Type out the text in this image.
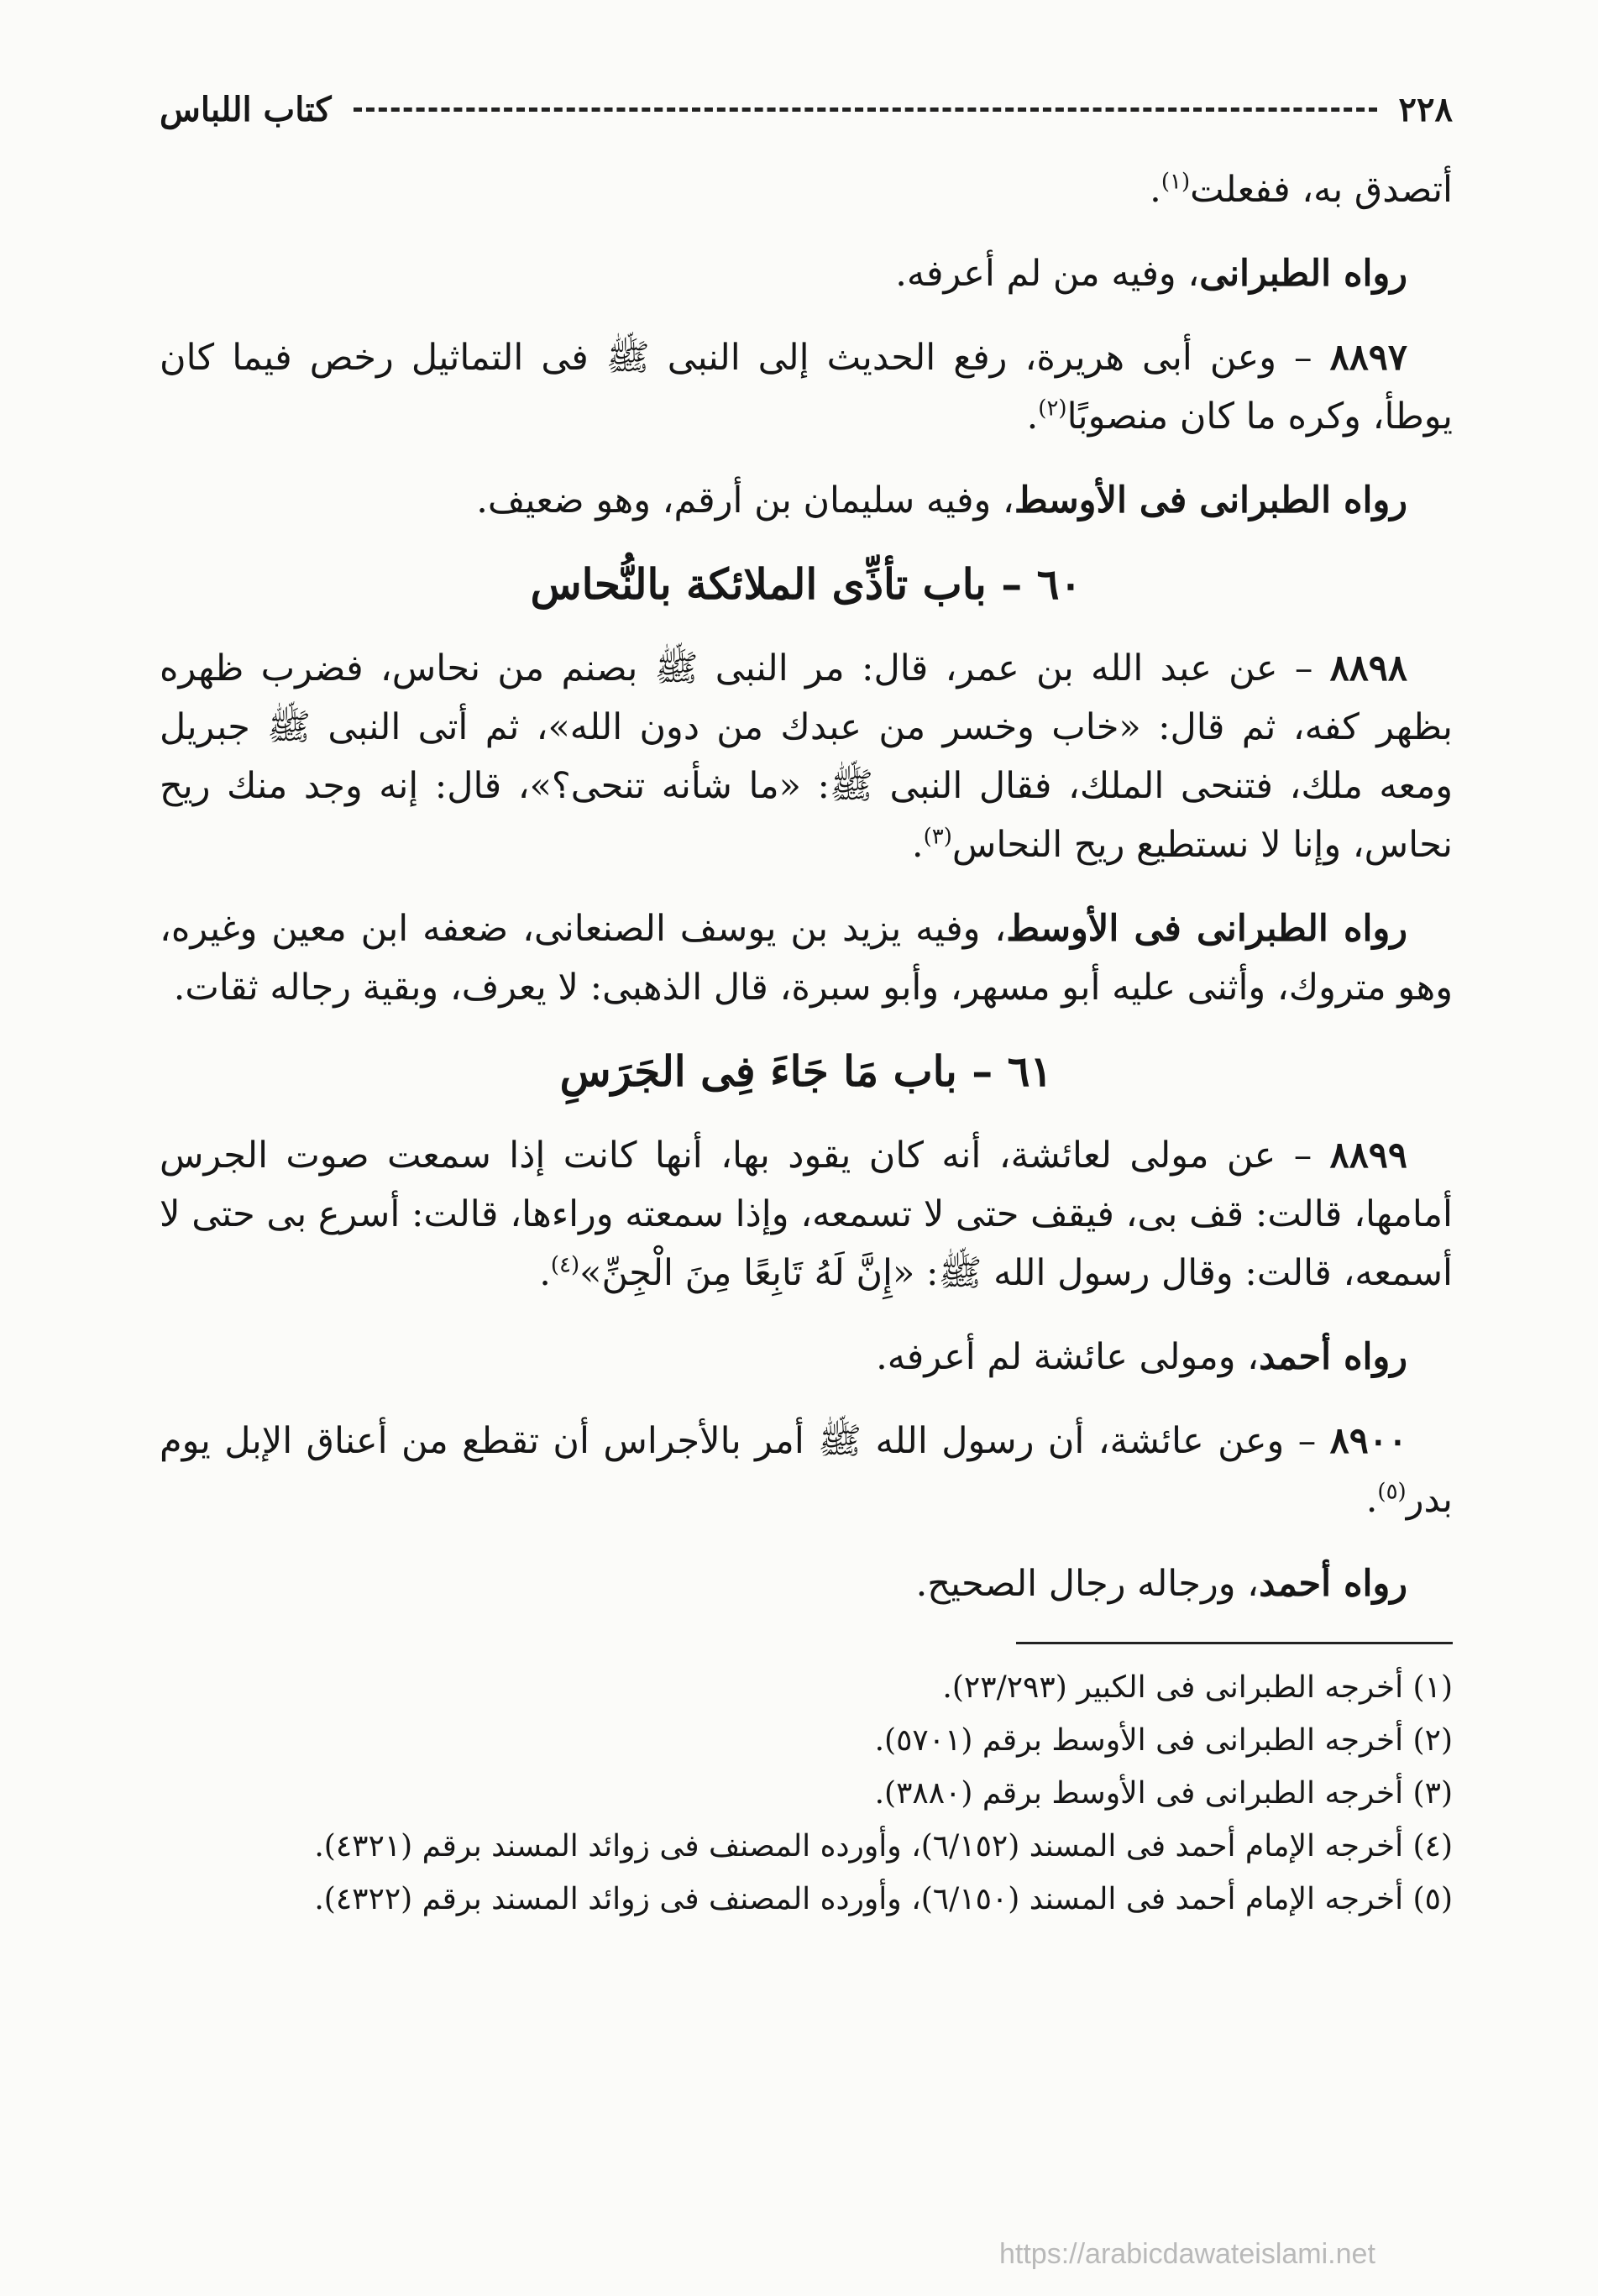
٢٢٨
كتاب اللباس

أتصدق به، ففعلت$^{(١)}$.

رواه الطبرانى، وفيه من لم أعرفه.

٨٨٩٧ – وعن أبى هريرة، رفع الحديث إلى النبى ﷺ فى التماثيل رخص فيما كان يوطأ، وكره ما كان منصوبًا$^{(٢)}$.

رواه الطبرانى فى الأوسط، وفيه سليمان بن أرقم، وهو ضعيف.

٦٠ – باب تأذِّى الملائكة بالنُّحاس

٨٨٩٨ – عن عبد الله بن عمر، قال: مر النبى ﷺ بصنم من نحاس، فضرب ظهره بظهر كفه، ثم قال: «خاب وخسر من عبدك من دون الله»، ثم أتى النبى ﷺ جبريل ومعه ملك، فتنحى الملك، فقال النبى ﷺ: «ما شأنه تنحى؟»، قال: إنه وجد منك ريح نحاس، وإنا لا نستطيع ريح النحاس$^{(٣)}$.

رواه الطبرانى فى الأوسط، وفيه يزيد بن يوسف الصنعانى، ضعفه ابن معين وغيره، وهو متروك، وأثنى عليه أبو مسهر، وأبو سبرة، قال الذهبى: لا يعرف، وبقية رجاله ثقات.

٦١ – باب مَا جَاءَ فِى الجَرَسِ

٨٨٩٩ – عن مولى لعائشة، أنه كان يقود بها، أنها كانت إذا سمعت صوت الجرس أمامها، قالت: قف بى، فيقف حتى لا تسمعه، وإذا سمعته وراءها، قالت: أسرع بى حتى لا أسمعه، قالت: وقال رسول الله ﷺ: «إِنَّ لَهُ تَابِعًا مِنَ الْجِنِّ»$^{(٤)}$.

رواه أحمد، ومولى عائشة لم أعرفه.

٨٩٠٠ – وعن عائشة، أن رسول الله ﷺ أمر بالأجراس أن تقطع من أعناق الإبل يوم بدر$^{(٥)}$.

رواه أحمد، ورجاله رجال الصحيح.

(١) أخرجه الطبرانى فى الكبير (٢٣/٢٩٣).
(٢) أخرجه الطبرانى فى الأوسط برقم (٥٧٠١).
(٣) أخرجه الطبرانى فى الأوسط برقم (٣٨٨٠).
(٤) أخرجه الإمام أحمد فى المسند (٦/١٥٢)، وأورده المصنف فى زوائد المسند برقم (٤٣٢١).
(٥) أخرجه الإمام أحمد فى المسند (٦/١٥٠)، وأورده المصنف فى زوائد المسند برقم (٤٣٢٢).
https://arabicdawateislami.net
